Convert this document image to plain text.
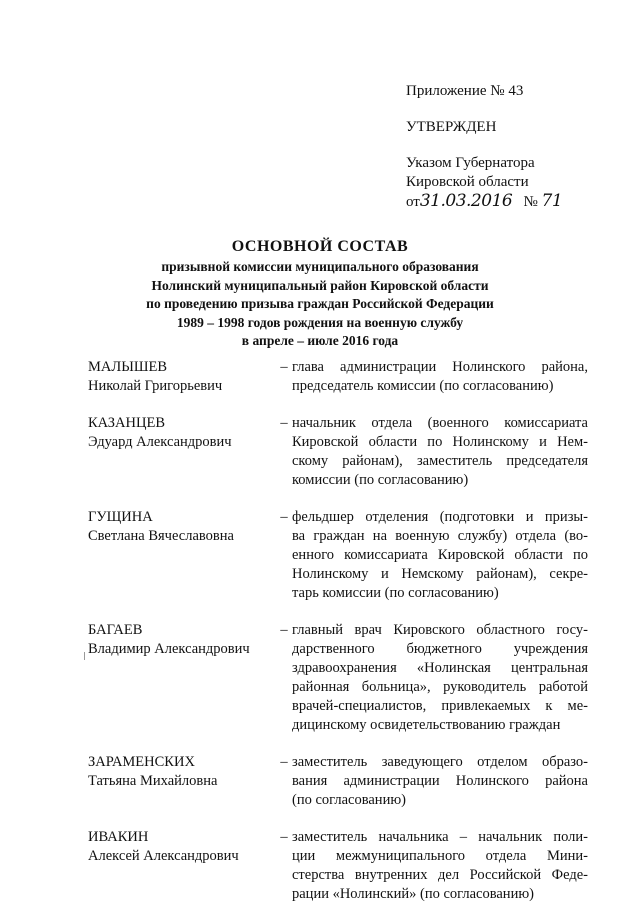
Приложение № 43
УТВЕРЖДЕН
Указом Губернатора
Кировской области
от31.03.2016 № 71
ОСНОВНОЙ СОСТАВ
призывной комиссии муниципального образования
Нолинский муниципальный район Кировской области
по проведению призыва граждан Российской Федерации
1989 – 1998 годов рождения на военную службу
в апреле – июле 2016 года
МАЛЫШЕВ
Николай Григорьевич
– глава администрации Нолинского района,
председатель комиссии (по согласованию)
КАЗАНЦЕВ
Эдуард Александрович
– начальник отдела (военного комиссариата
Кировской области по Нолинскому и Нем-
скому районам), заместитель председателя
комиссии (по согласованию)
ГУЩИНА
Светлана Вячеславовна
– фельдшер отделения (подготовки и призы-
ва граждан на военную службу) отдела (во-
енного комиссариата Кировской области по
Нолинскому и Немскому районам), секре-
тарь комиссии (по согласованию)
БАГАЕВ
Владимир Александрович
– главный врач Кировского областного госу-
дарственного бюджетного учреждения
здравоохранения «Нолинская центральная
районная больница», руководитель работой
врачей-специалистов, привлекаемых к ме-
дицинскому освидетельствованию граждан
ЗАРАМЕНСКИХ
Татьяна Михайловна
– заместитель заведующего отделом образо-
вания администрации Нолинского района
(по согласованию)
ИВАКИН
Алексей Александрович
– заместитель начальника – начальник поли-
ции межмуниципального отдела Мини-
стерства внутренних дел Российской Феде-
рации «Нолинский» (по согласованию)
